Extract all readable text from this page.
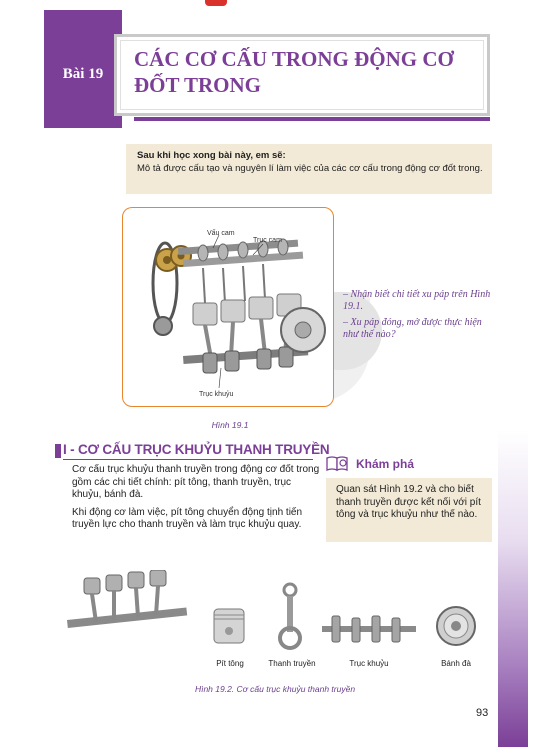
Bài 19
CÁC CƠ CẤU TRONG ĐỘNG CƠ
ĐỐT TRONG
Sau khi học xong bài này, em sẽ:
Mô tả được cấu tạo và nguyên lí làm việc của các cơ cấu trong động cơ đốt trong.
Vấu cam
Trục cam
Trục khuỷu
Hình 19.1
– Nhận biết chi tiết xu páp trên Hình 19.1.
– Xu páp đóng, mở được thực hiện như thế nào?
I - CƠ CẤU TRỤC KHUỶU THANH TRUYỀN

Cơ cấu trục khuỷu thanh truyền trong động cơ đốt trong gồm các chi tiết chính: pít tông, thanh truyền, trục khuỷu, bánh đà.

Khi động cơ làm việc, pít tông chuyển động tịnh tiến truyền lực cho thanh truyền và làm trục khuỷu quay.

Khám phá
Quan sát Hình 19.2 và cho biết thanh truyền được kết nối với pít tông và trục khuỷu như thế nào.
Pít tông	Thanh truyền	Trục khuỷu	Bánh đà
Hình 19.2. Cơ cấu trục khuỷu thanh truyền
93
